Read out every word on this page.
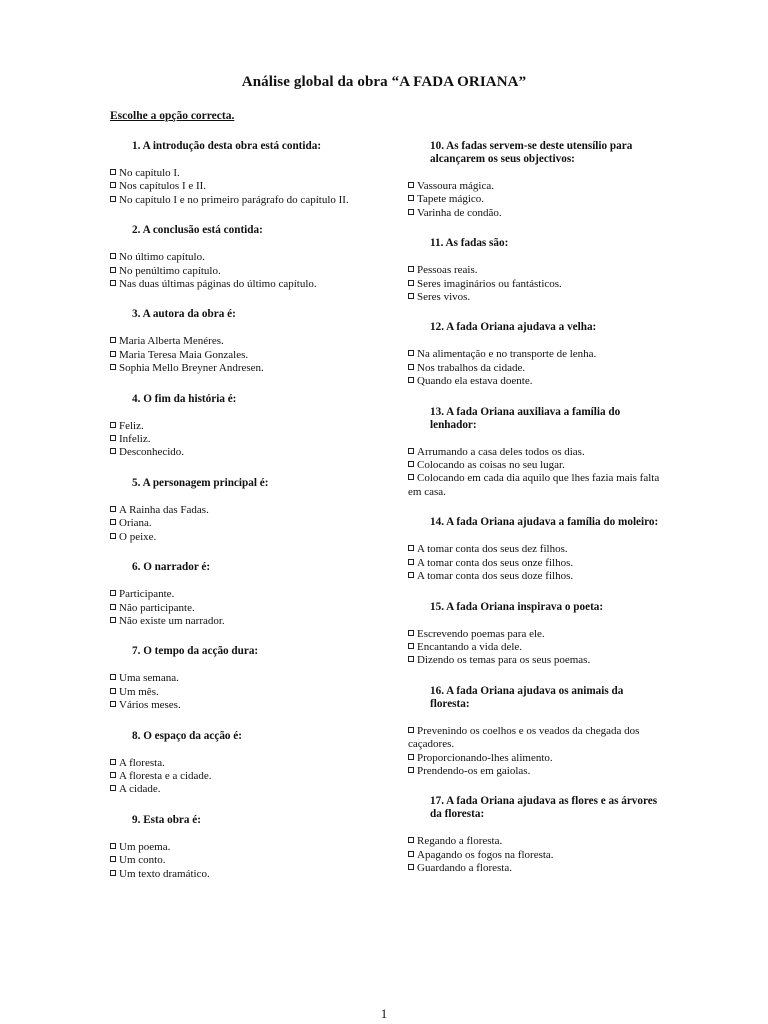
Análise global da obra “A FADA ORIANA”
Escolhe a opção correcta.
1. A introdução desta obra está contida:
No capítulo I.
Nos capítulos I e II.
No capítulo I e no primeiro parágrafo do capítulo II.
2. A conclusão está contida:
No último capítulo.
No penúltimo capítulo.
Nas duas últimas páginas do último capítulo.
3. A autora da obra é:
Maria Alberta Menéres.
Maria Teresa Maia Gonzales.
Sophia Mello Breyner Andresen.
4. O fim da história é:
Feliz.
Infeliz.
Desconhecido.
5. A personagem principal é:
A Rainha das Fadas.
Oriana.
O peixe.
6. O narrador é:
Participante.
Não participante.
Não existe um narrador.
7. O tempo da acção dura:
Uma semana.
Um mês.
Vários meses.
8. O espaço da acção é:
A floresta.
A floresta e a cidade.
A cidade.
9. Esta obra é:
Um poema.
Um conto.
Um texto dramático.
10. As fadas servem-se deste utensílio para alcançarem os seus objectivos:
Vassoura mágica.
Tapete mágico.
Varinha de condão.
11. As fadas são:
Pessoas reais.
Seres imaginários ou fantásticos.
Seres vivos.
12. A fada Oriana ajudava a velha:
Na alimentação e no transporte de lenha.
Nos trabalhos da cidade.
Quando ela estava doente.
13. A fada Oriana auxiliava a família do lenhador:
Arrumando a casa deles todos os dias.
Colocando as coisas no seu lugar.
Colocando em cada dia aquilo que lhes fazia mais falta em casa.
14. A fada Oriana ajudava a família do moleiro:
A tomar conta dos seus dez filhos.
A tomar conta dos seus onze filhos.
A tomar conta dos seus doze filhos.
15. A fada Oriana inspirava o poeta:
Escrevendo poemas para ele.
Encantando a vida dele.
Dizendo os temas para os seus poemas.
16. A fada Oriana ajudava os animais da floresta:
Prevenindo os coelhos e os veados da chegada dos caçadores.
Proporcionando-lhes alimento.
Prendendo-os em gaiolas.
17. A fada Oriana ajudava as flores e as árvores da floresta:
Regando a floresta.
Apagando os fogos na floresta.
Guardando a floresta.
1
